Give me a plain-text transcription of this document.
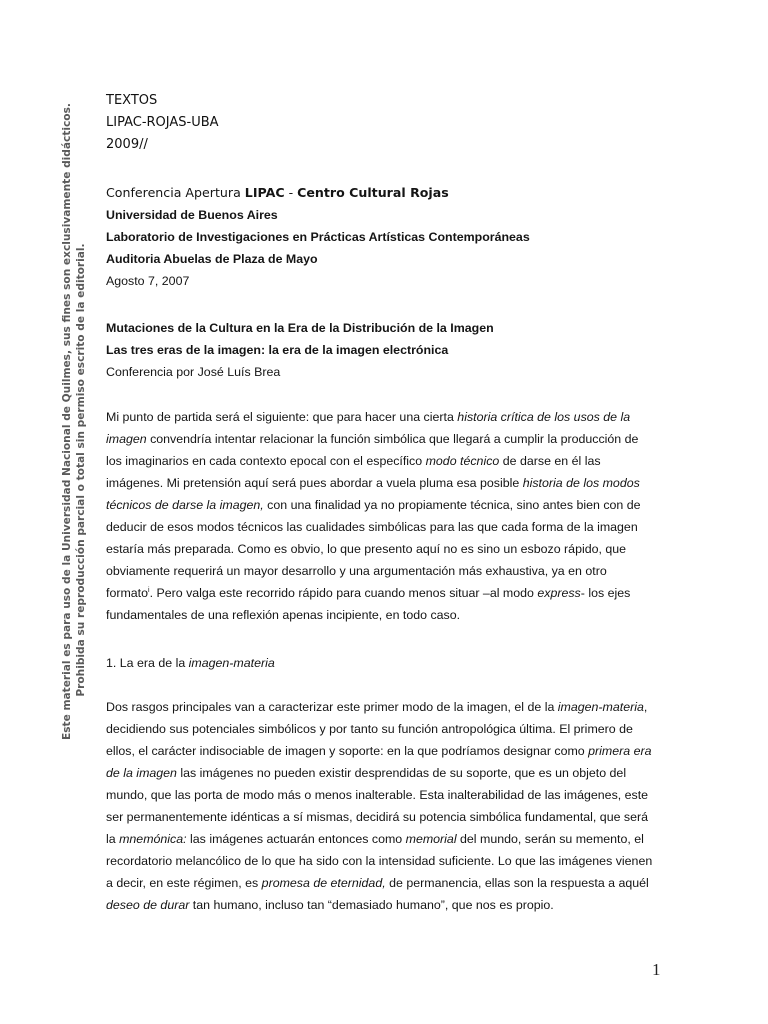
Este material es para uso de la Universidad Nacional de Quilmes, sus fines son exclusivamente didácticos. Prohibida su reproducción parcial o total sin permiso escrito de la editorial.
TEXTOS
LIPAC-ROJAS-UBA
2009//
Conferencia Apertura LIPAC - Centro Cultural Rojas
Universidad de Buenos Aires
Laboratorio de Investigaciones en Prácticas Artísticas Contemporáneas
Auditoria Abuelas de Plaza de Mayo
Agosto 7, 2007
Mutaciones de la Cultura en la Era de la Distribución de la Imagen
Las tres eras de la imagen: la era de la imagen electrónica
Conferencia por José Luís Brea
Mi punto de partida será el siguiente: que para hacer una cierta historia crítica de los usos de la
imagen convendría intentar relacionar la función simbólica que llegará a cumplir la producción de
los imaginarios en cada contexto epocal con el específico modo técnico de darse en él las
imágenes. Mi pretensión aquí será pues abordar a vuela pluma esa posible historia de los modos
técnicos de darse la imagen, con una finalidad ya no propiamente técnica, sino antes bien con de
deducir de esos modos técnicos las cualidades simbólicas para las que cada forma de la imagen
estaría más preparada. Como es obvio, lo que presento aquí no es sino un esbozo rápido, que
obviamente requerirá un mayor desarrollo y una argumentación más exhaustiva, ya en otro
formato$^i$. Pero valga este recorrido rápido para cuando menos situar –al modo express- los ejes
fundamentales de una reflexión apenas incipiente, en todo caso.
1. La era de la imagen-materia
Dos rasgos principales van a caracterizar este primer modo de la imagen, el de la imagen-materia,
decidiendo sus potenciales simbólicos y por tanto su función antropológica última. El primero de
ellos, el carácter indisociable de imagen y soporte: en la que podríamos designar como primera era
de la imagen las imágenes no pueden existir desprendidas de su soporte, que es un objeto del
mundo, que las porta de modo más o menos inalterable. Esta inalterabilidad de las imágenes, este
ser permanentemente idénticas a sí mismas, decidirá su potencia simbólica fundamental, que será
la mnemónica: las imágenes actuarán entonces como memorial del mundo, serán su memento, el
recordatorio melancólico de lo que ha sido con la intensidad suficiente. Lo que las imágenes vienen
a decir, en este régimen, es promesa de eternidad, de permanencia, ellas son la respuesta a aquél
deseo de durar tan humano, incluso tan “demasiado humano”, que nos es propio.
1
